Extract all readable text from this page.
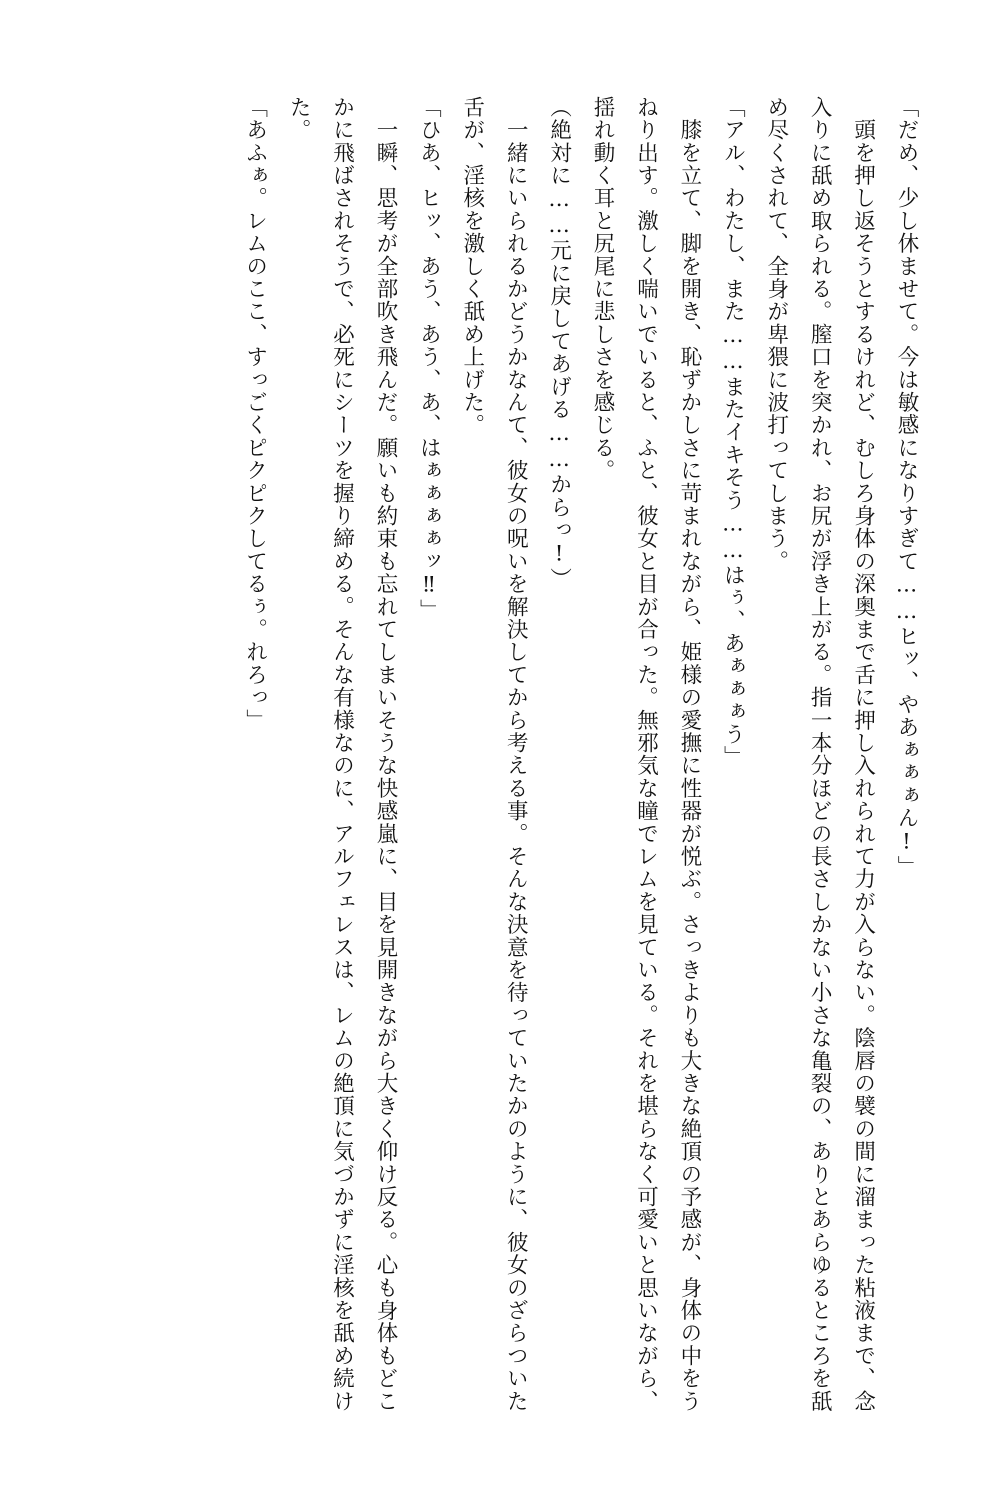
「だめ、少し休ませて。今は敏感になりすぎて……ヒッ、やあぁぁぁん!」

　頭を押し返そうとするけれど、むしろ身体の深奥まで舌に押し入れられて力が入らない。陰唇の襞の間に溜まった粘液まで、念入りに舐め取られる。膣口を突かれ、お尻が浮き上がる。指一本分ほどの長さしかない小さな亀裂の、ありとあらゆるところを舐め尽くされて、全身が卑猥に波打ってしまう。

「アル、わたし、また……またイキそう……はぅ、あぁぁぁう」

　膝を立て、脚を開き、恥ずかしさに苛まれながら、姫様の愛撫に性器が悦ぶ。さっきよりも大きな絶頂の予感が、身体の中をうねり出す。激しく喘いでいると、ふと、彼女と目が合った。無邪気な瞳でレムを見ている。それを堪らなく可愛いと思いながら、揺れ動く耳と尻尾に悲しさを感じる。

（絶対に……元に戻してあげる……からっ!）

　一緒にいられるかどうかなんて、彼女の呪いを解決してから考える事。そんな決意を待っていたかのように、彼女のざらついた舌が、淫核を激しく舐め上げた。

「ひあ、ヒッ、あう、あう、あ、はぁぁぁぁッ‼」

　一瞬、思考が全部吹き飛んだ。願いも約束も忘れてしまいそうな快感嵐に、目を見開きながら大きく仰け反る。心も身体もどこかに飛ばされそうで、必死にシーツを握り締める。そんな有様なのに、アルフェレスは、レムの絶頂に気づかずに淫核を舐め続けた。

「あふぁ。レムのここ、すっごくピクピクしてるぅ。れろっ」
